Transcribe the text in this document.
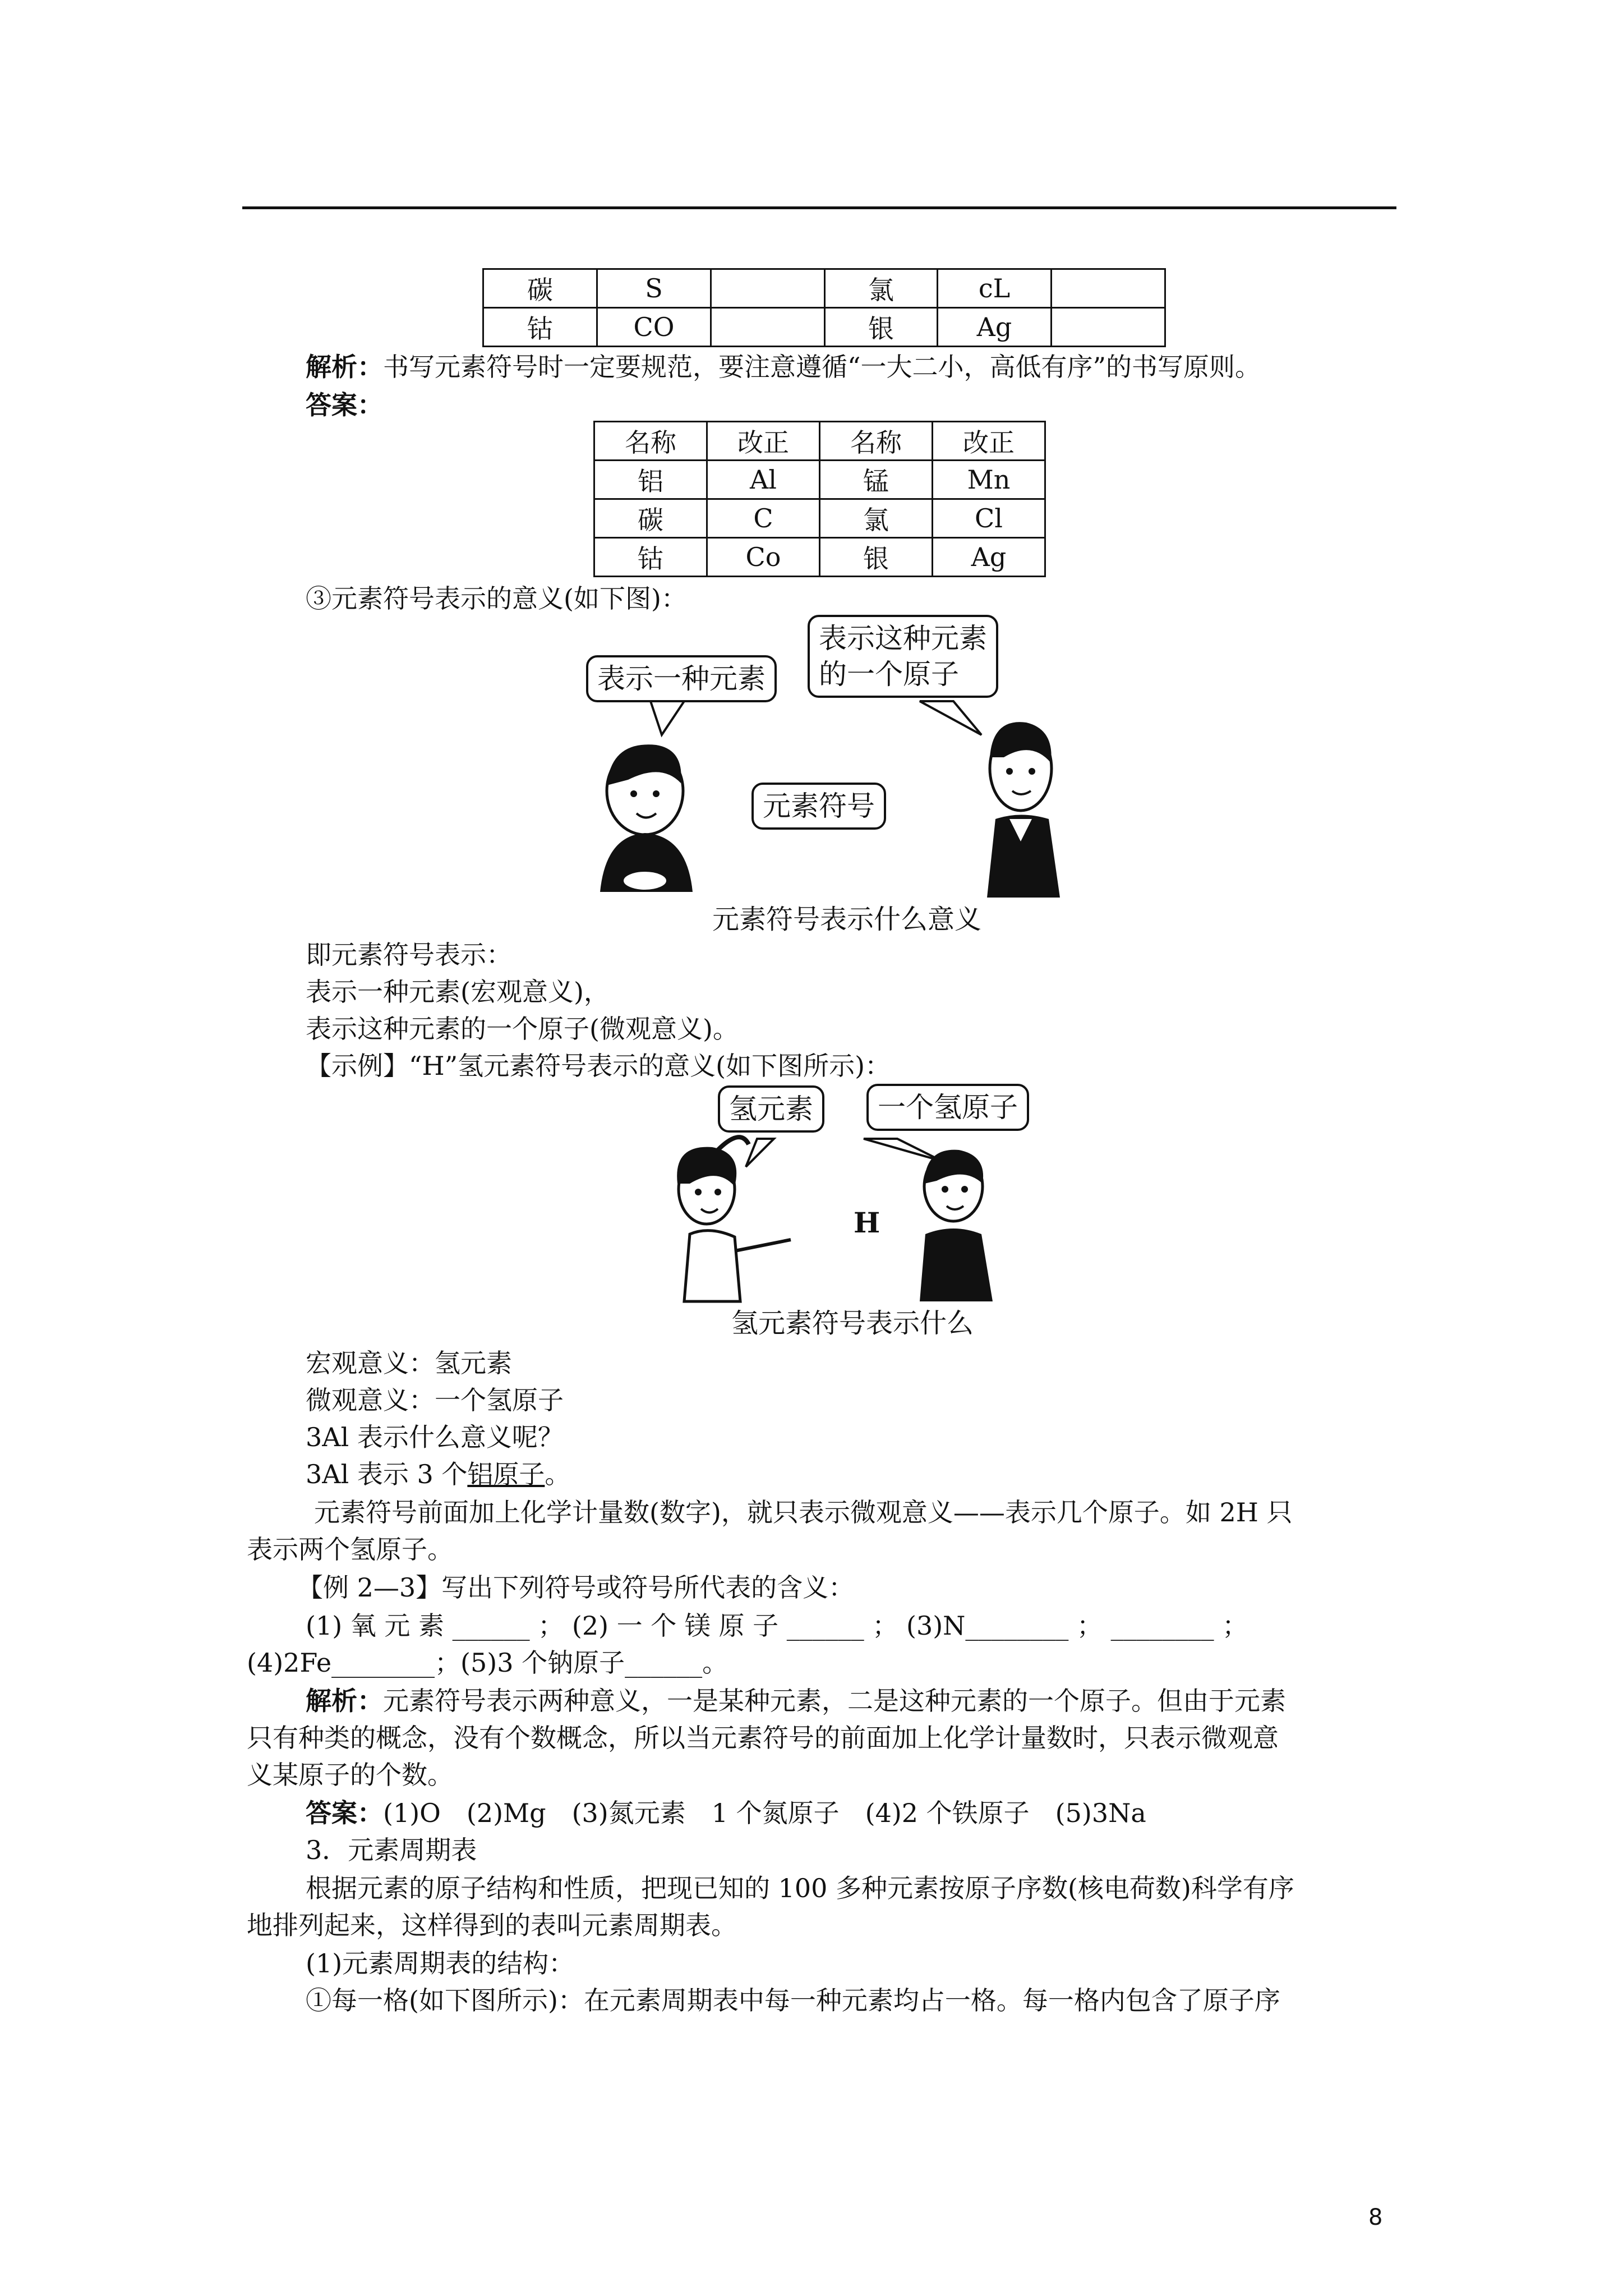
碳	S		氯	cL	
钴	CO		银	Ag	
解析：书写元素符号时一定要规范，要注意遵循“一大二小，高低有序”的书写原则。
答案：
名称	改正	名称	改正
铝	Al	锰	Mn
碳	C	氯	Cl
钴	Co	银	Ag
③元素符号表示的意义(如下图)：
表示一种元素
表示这种元素
的一个原子
元素符号
元素符号表示什么意义
即元素符号表示：
表示一种元素(宏观意义)，
表示这种元素的一个原子(微观意义)。
【示例】“H”氢元素符号表示的意义(如下图所示)：
氢元素	一个氢原子
H
氢元素符号表示什么
宏观意义：氢元素
微观意义：一个氢原子
3Al 表示什么意义呢？
3Al 表示 3 个铝原子。
元素符号前面加上化学计量数(数字)，就只表示微观意义——表示几个原子。如 2H 只
表示两个氢原子。
【例 2—3】写出下列符号或符号所代表的含义：
(1) 氧 元 素 ______ ； (2) 一 个 镁 原 子 ______ ； (3)N________ ； ________ ；
(4)2Fe________；(5)3 个钠原子______。
解析：元素符号表示两种意义，一是某种元素，二是这种元素的一个原子。但由于元素
只有种类的概念，没有个数概念，所以当元素符号的前面加上化学计量数时，只表示微观意
义某原子的个数。
答案：(1)O　(2)Mg　(3)氮元素　1 个氮原子　(4)2 个铁原子　(5)3Na
3．元素周期表
根据元素的原子结构和性质，把现已知的 100 多种元素按原子序数(核电荷数)科学有序
地排列起来，这样得到的表叫元素周期表。
(1)元素周期表的结构：
①每一格(如下图所示)：在元素周期表中每一种元素均占一格。每一格内包含了原子序
8
